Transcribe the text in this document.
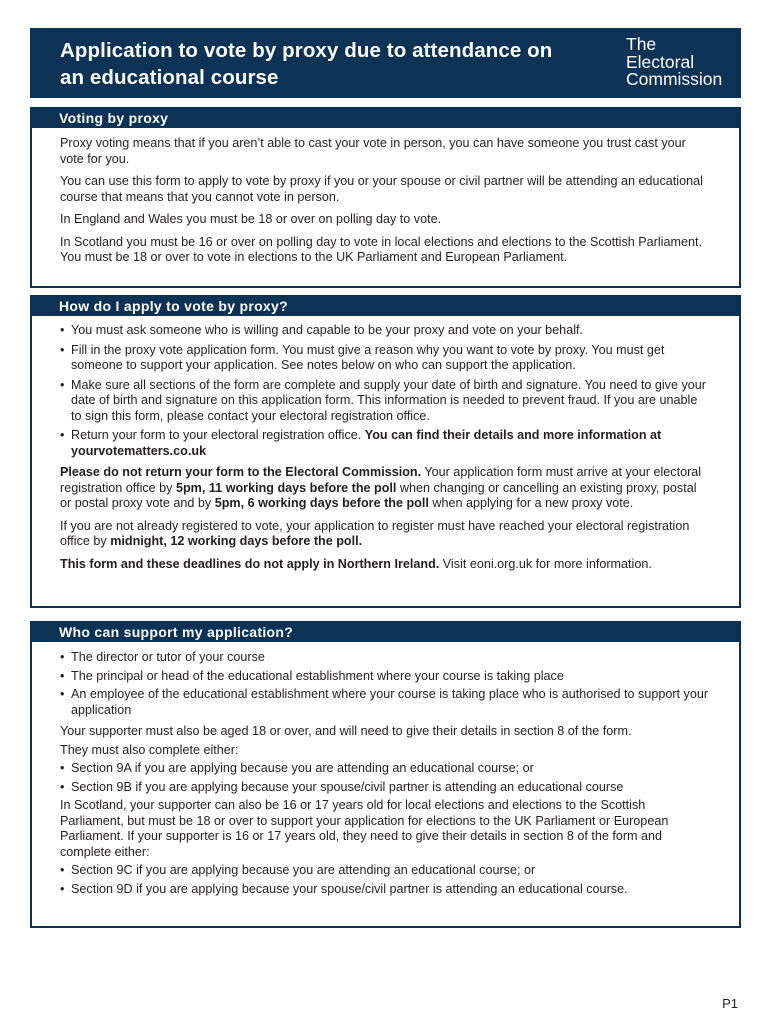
Application to vote by proxy due to attendance on an educational course
The
Electoral
Commission
Voting by proxy

Proxy voting means that if you aren’t able to cast your vote in person, you can have someone you trust cast your vote for you.

You can use this form to apply to vote by proxy if you or your spouse or civil partner will be attending an educational course that means that you cannot vote in person.

In England and Wales you must be 18 or over on polling day to vote.

In Scotland you must be 16 or over on polling day to vote in local elections and elections to the Scottish Parliament. You must be 18 or over to vote in elections to the UK Parliament and European Parliament.

How do I apply to vote by proxy?
• You must ask someone who is willing and capable to be your proxy and vote on your behalf.
• Fill in the proxy vote application form. You must give a reason why you want to vote by proxy. You must get someone to support your application. See notes below on who can support the application.
• Make sure all sections of the form are complete and supply your date of birth and signature. You need to give your date of birth and signature on this application form. This information is needed to prevent fraud. If you are unable to sign this form, please contact your electoral registration office.
• Return your form to your electoral registration office. You can find their details and more information at yourvotematters.co.uk

Please do not return your form to the Electoral Commission. Your application form must arrive at your electoral registration office by 5pm, 11 working days before the poll when changing or cancelling an existing proxy, postal or postal proxy vote and by 5pm, 6 working days before the poll when applying for a new proxy vote.

If you are not already registered to vote, your application to register must have reached your electoral registration office by midnight, 12 working days before the poll.

This form and these deadlines do not apply in Northern Ireland. Visit eoni.org.uk for more information.

Who can support my application?
• The director or tutor of your course
• The principal or head of the educational establishment where your course is taking place
• An employee of the educational establishment where your course is taking place who is authorised to support your application

Your supporter must also be aged 18 or over, and will need to give their details in section 8 of the form.

They must also complete either:

• Section 9A if you are applying because you are attending an educational course; or
• Section 9B if you are applying because your spouse/civil partner is attending an educational course

In Scotland, your supporter can also be 16 or 17 years old for local elections and elections to the Scottish Parliament, but must be 18 or over to support your application for elections to the UK Parliament or European Parliament. If your supporter is 16 or 17 years old, they need to give their details in section 8 of the form and complete either:

• Section 9C if you are applying because you are attending an educational course; or
• Section 9D if you are applying because your spouse/civil partner is attending an educational course.
P1
